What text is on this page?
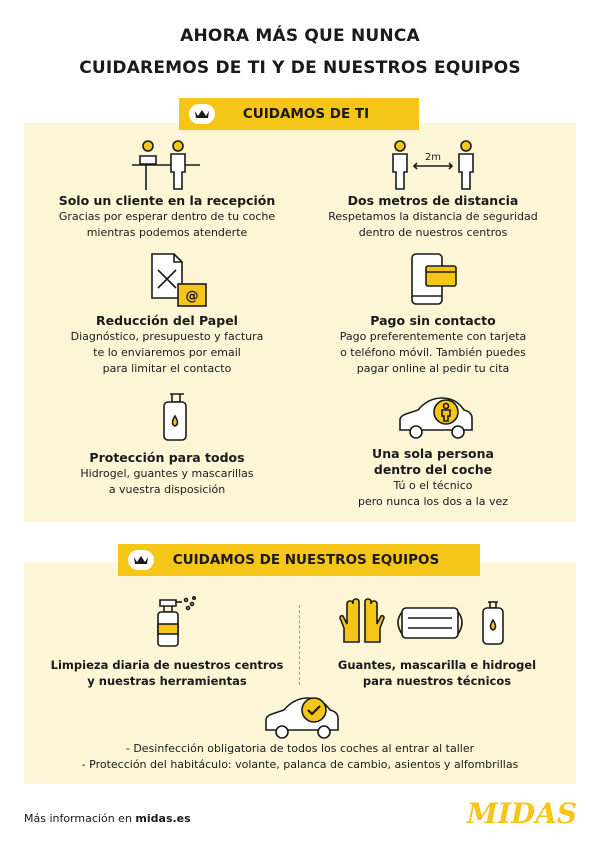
AHORA MÁS QUE NUNCA
CUIDAREMOS DE TI Y DE NUESTROS EQUIPOS
CUIDAMOS DE TI
Solo un cliente en la recepción
Gracias por esperar dentro de tu coche
mientras podemos atenderte
2m
Dos metros de distancia
Respetamos la distancia de seguridad
dentro de nuestros centros
@
Reducción del Papel
Diagnóstico, presupuesto y factura
te lo enviaremos por email
para limitar el contacto
Pago sin contacto
Pago preferentemente con tarjeta
o teléfono móvil. También puedes
pagar online al pedir tu cita
Protección para todos
Hidrogel, guantes y mascarillas
a vuestra disposición
Una sola persona
dentro del coche
Tú o el técnico
pero nunca los dos a la vez
CUIDAMOS DE NUESTROS EQUIPOS
Limpieza diaria de nuestros centros
y nuestras herramientas
Guantes, mascarilla e hidrogel
para nuestros técnicos
- Desinfección obligatoria de todos los coches al entrar al taller
- Protección del habitáculo: volante, palanca de cambio, asientos y alfombrillas
Más información en midas.es	MIDAS
